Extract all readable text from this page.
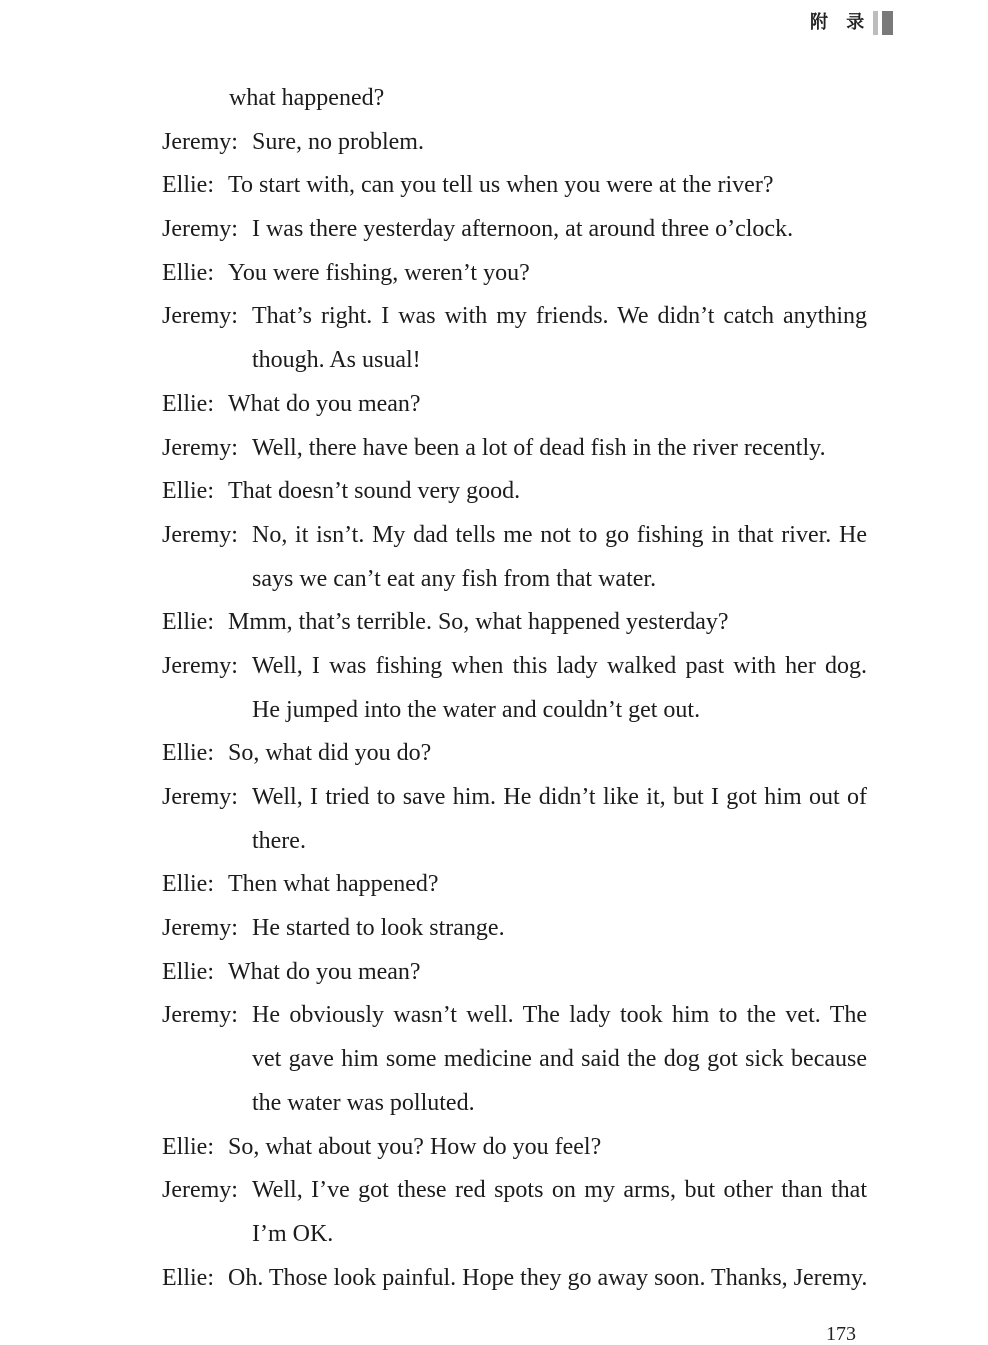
附 录
what happened?
Jeremy: Sure, no problem.
Ellie: To start with, can you tell us when you were at the river?
Jeremy: I was there yesterday afternoon, at around three o’clock.
Ellie: You were fishing, weren’t you?
Jeremy: That’s right. I was with my friends. We didn’t catch anything
though. As usual!
Ellie: What do you mean?
Jeremy: Well, there have been a lot of dead fish in the river recently.
Ellie: That doesn’t sound very good.
Jeremy: No, it isn’t. My dad tells me not to go fishing in that river. He
says we can’t eat any fish from that water.
Ellie: Mmm, that’s terrible. So, what happened yesterday?
Jeremy: Well, I was fishing when this lady walked past with her dog.
He jumped into the water and couldn’t get out.
Ellie: So, what did you do?
Jeremy: Well, I tried to save him. He didn’t like it, but I got him out of
there.
Ellie: Then what happened?
Jeremy: He started to look strange.
Ellie: What do you mean?
Jeremy: He obviously wasn’t well. The lady took him to the vet. The
vet gave him some medicine and said the dog got sick because
the water was polluted.
Ellie: So, what about you? How do you feel?
Jeremy: Well, I’ve got these red spots on my arms, but other than that
I’m OK.
Ellie: Oh. Those look painful. Hope they go away soon. Thanks, Jeremy.
173
